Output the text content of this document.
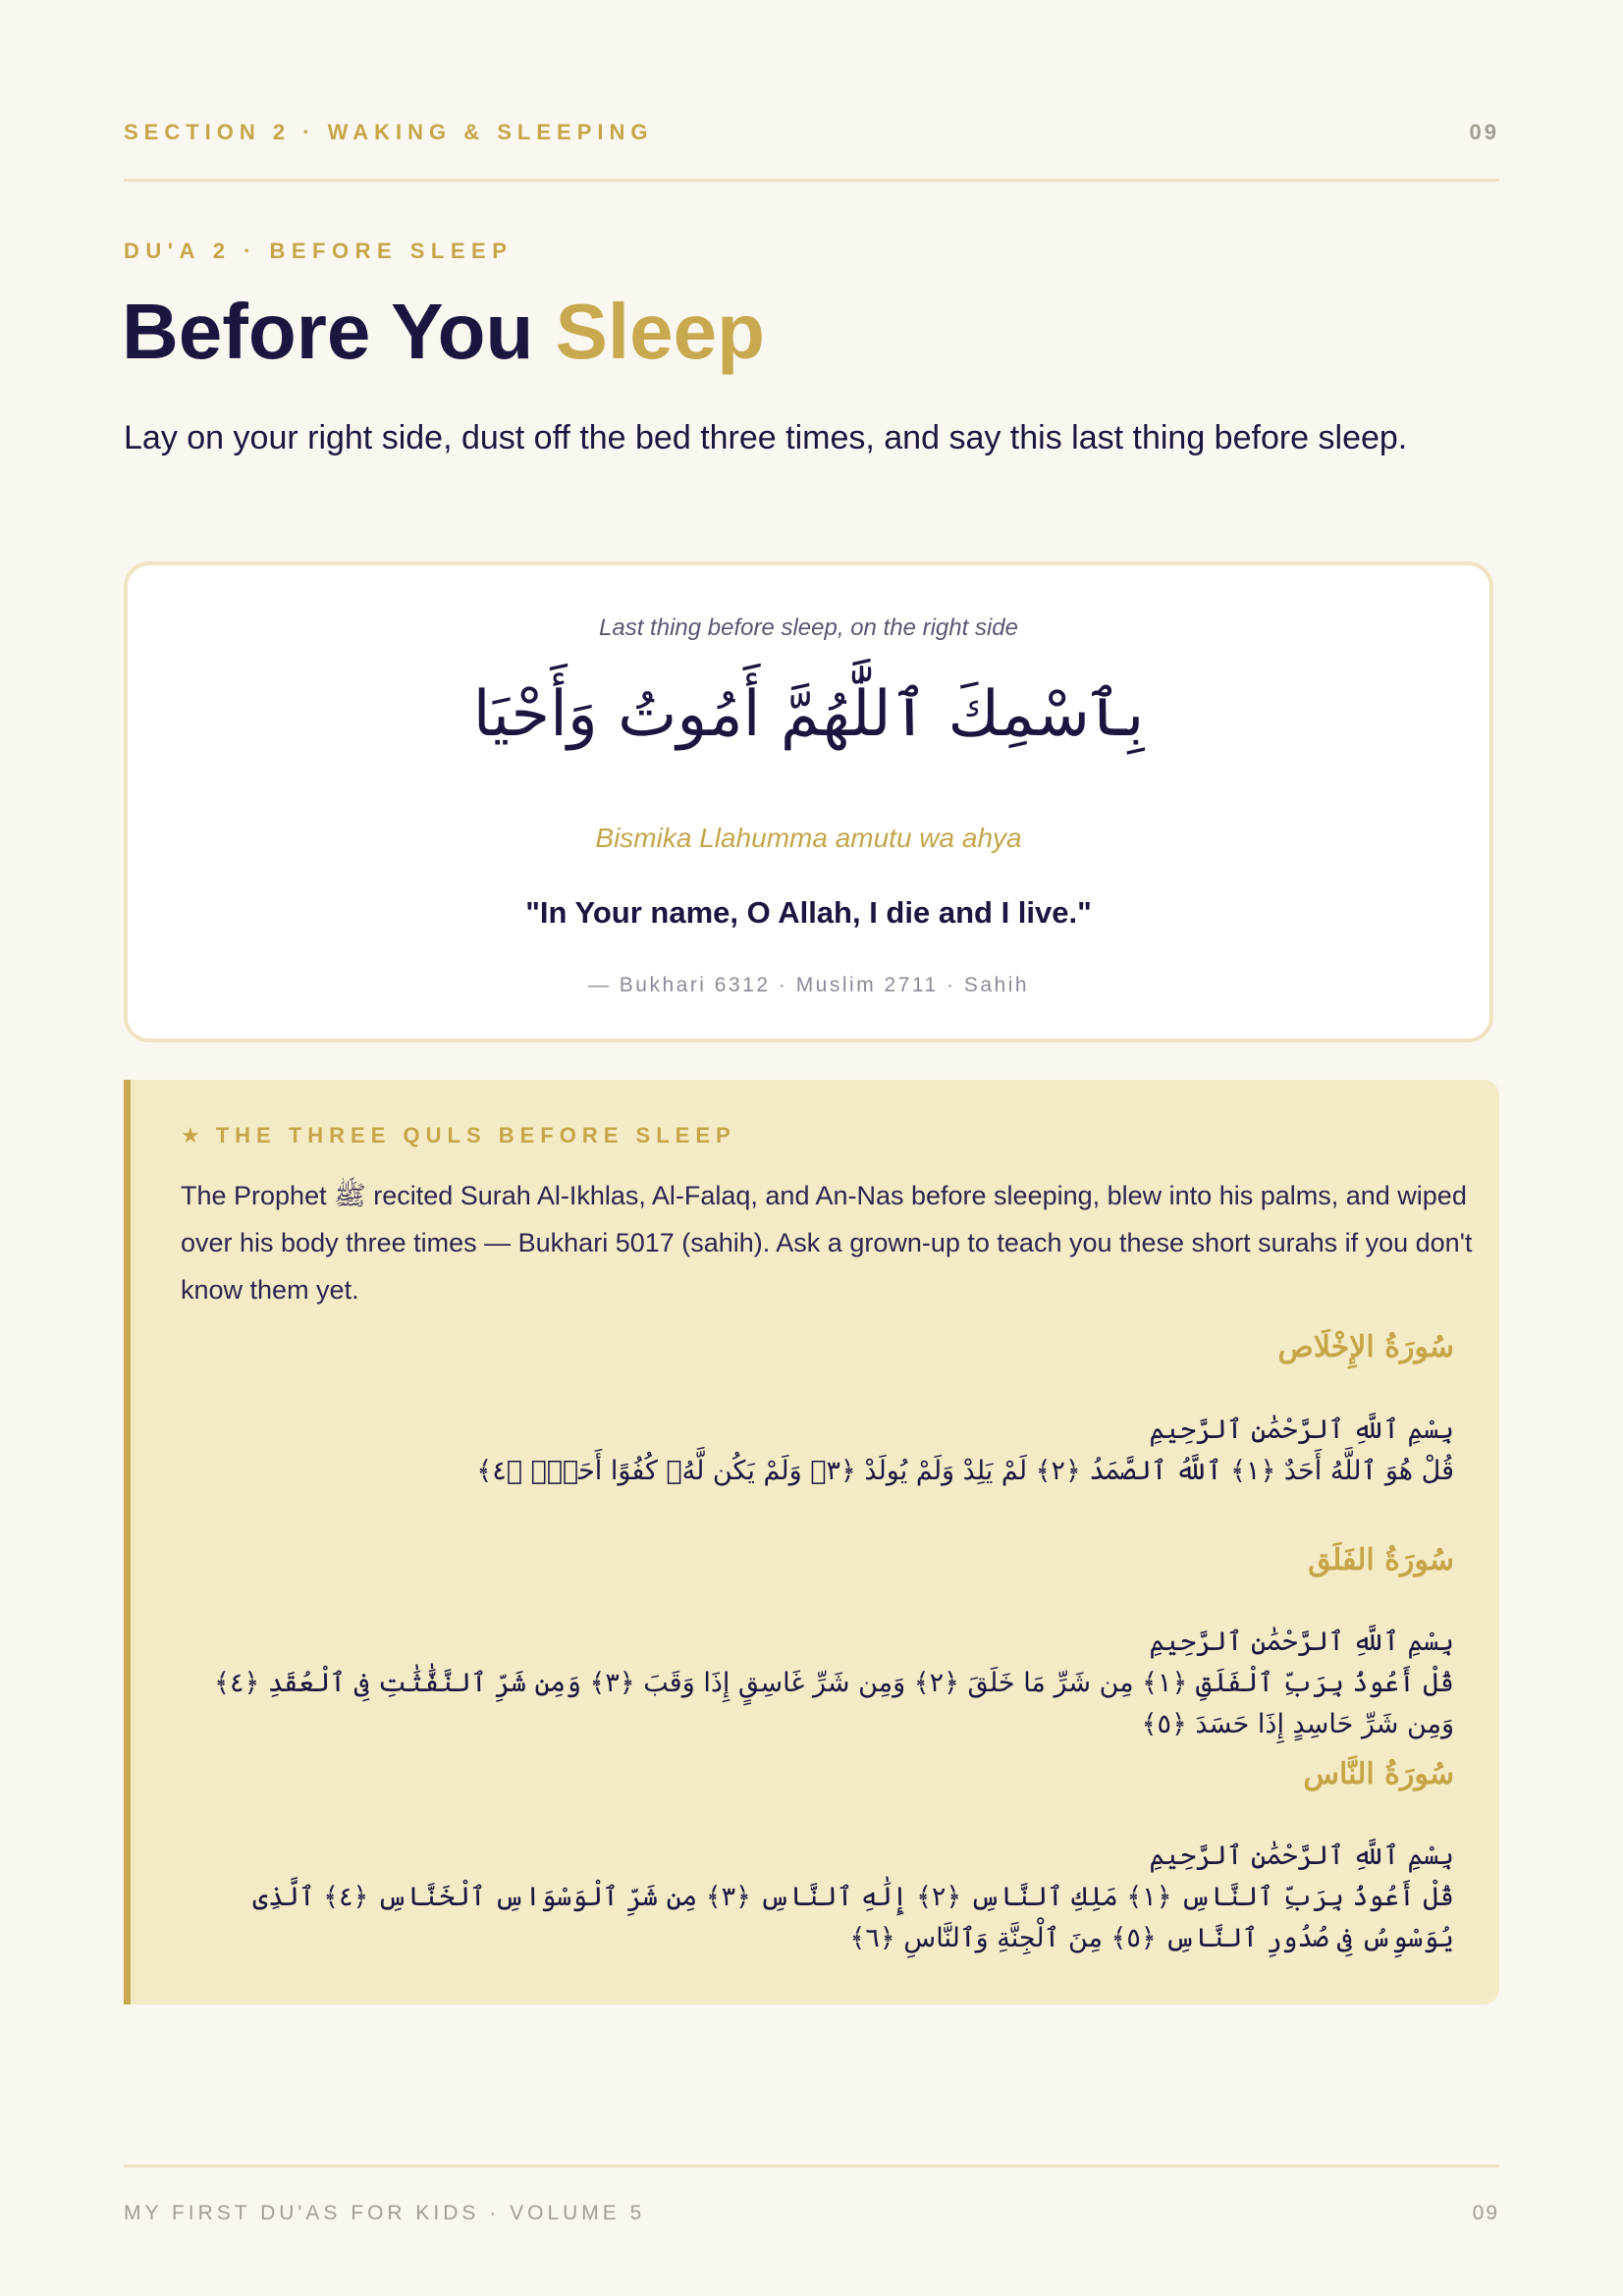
SECTION 2 · WAKING & SLEEPING	09
DU'A 2 · BEFORE SLEEP
Before You Sleep

Lay on your right side, dust off the bed three times, and say this last thing before sleep.

Last thing before sleep, on the right side
بِٱسْمِكَ ٱللَّٰهُمَّ أَمُوتُ وَأَحْيَا
Bismika Llahumma amutu wa ahya
"In Your name, O Allah, I die and I live."
— Bukhari 6312 · Muslim 2711 · Sahih
★ THE THREE QULS BEFORE SLEEP

The Prophet ﷺ recited Surah Al-Ikhlas, Al-Falaq, and An-Nas before sleeping, blew into his palms, and wiped over his body three times — Bukhari 5017 (sahih). Ask a grown-up to teach you these short surahs if you don't know them yet.

سُورَةُ الإِخْلَاص
بِسْمِ ٱللَّهِ ٱلرَّحْمَٰنِ ٱلرَّحِيمِ
قُلْ هُوَ ٱللَّهُ أَحَدٌ ﴿١﴾ ٱللَّهُ ٱلصَّمَدُ ﴿٢﴾ لَمْ يَلِدْ وَلَمْ يُولَدْ ﴿٣﴾ وَلَمْ يَكُن لَّهُۥ كُفُوًا أَحَدٌۢ ﴿٤﴾
سُورَةُ الفَلَق
بِسْمِ ٱللَّهِ ٱلرَّحْمَٰنِ ٱلرَّحِيمِ
قُلْ أَعُوذُ بِرَبِّ ٱلْفَلَقِ ﴿١﴾ مِن شَرِّ مَا خَلَقَ ﴿٢﴾ وَمِن شَرِّ غَاسِقٍ إِذَا وَقَبَ ﴿٣﴾ وَمِن شَرِّ ٱلنَّفَّٰثَٰتِ فِى ٱلْعُقَدِ ﴿٤﴾ وَمِن شَرِّ حَاسِدٍ إِذَا حَسَدَ ﴿٥﴾
سُورَةُ النَّاس
بِسْمِ ٱللَّهِ ٱلرَّحْمَٰنِ ٱلرَّحِيمِ
قُلْ أَعُوذُ بِرَبِّ ٱلنَّاسِ ﴿١﴾ مَلِكِ ٱلنَّاسِ ﴿٢﴾ إِلَٰهِ ٱلنَّاسِ ﴿٣﴾ مِن شَرِّ ٱلْوَسْوَاسِ ٱلْخَنَّاسِ ﴿٤﴾ ٱلَّذِى يُوَسْوِسُ فِى صُدُورِ ٱلنَّاسِ ﴿٥﴾ مِنَ ٱلْجِنَّةِ وَٱلنَّاسِ ﴿٦﴾
MY FIRST DU'AS FOR KIDS · VOLUME 5	09
